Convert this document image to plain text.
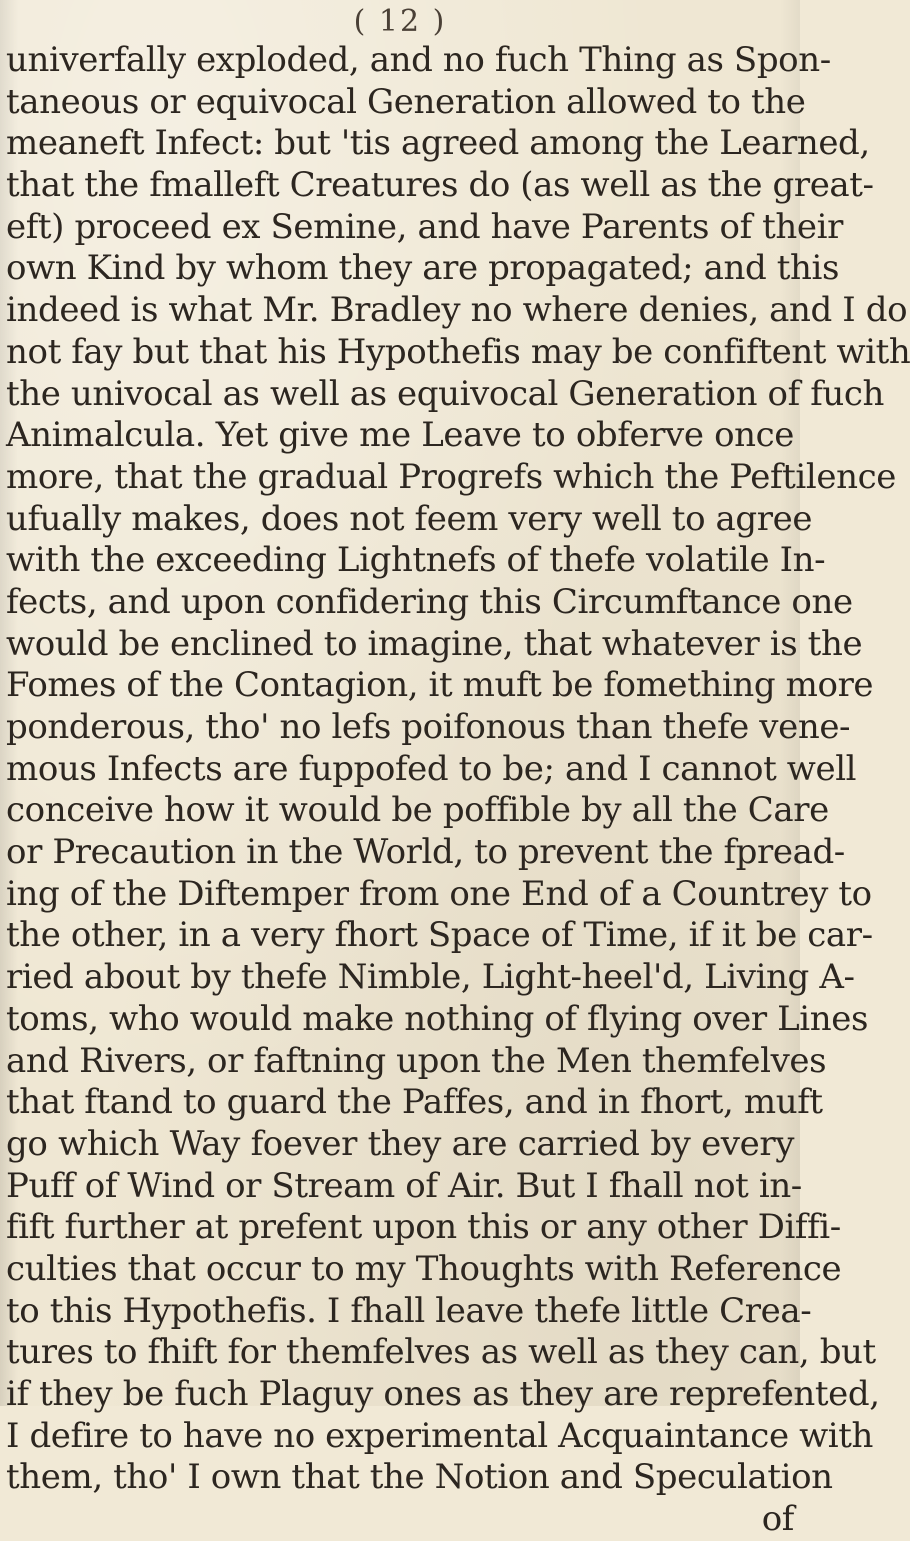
( 12 )
univerfally exploded, and no fuch Thing as Spon-
taneous or equivocal Generation allowed to the
meaneft Infect: but 'tis agreed among the Learned,
that the fmalleft Creatures do (as well as the great-
eft) proceed ex Semine, and have Parents of their
own Kind by whom they are propagated; and this
indeed is what Mr. Bradley no where denies, and I do
not fay but that his Hypothefis may be confiftent with
the univocal as well as equivocal Generation of fuch
Animalcula. Yet give me Leave to obferve once
more, that the gradual Progrefs which the Peftilence
ufually makes, does not feem very well to agree
with the exceeding Lightnefs of thefe volatile In-
fects, and upon confidering this Circumftance one
would be enclined to imagine, that whatever is the
Fomes of the Contagion, it muft be fomething more
ponderous, tho' no lefs poifonous than thefe vene-
mous Infects are fuppofed to be; and I cannot well
conceive how it would be poffible by all the Care
or Precaution in the World, to prevent the fpread-
ing of the Diftemper from one End of a Countrey to
the other, in a very fhort Space of Time, if it be car-
ried about by thefe Nimble, Light-heel'd, Living A-
toms, who would make nothing of flying over Lines
and Rivers, or faftning upon the Men themfelves
that ftand to guard the Paffes, and in fhort, muft
go which Way foever they are carried by every
Puff of Wind or Stream of Air. But I fhall not in-
fift further at prefent upon this or any other Diffi-
culties that occur to my Thoughts with Reference
to this Hypothefis. I fhall leave thefe little Crea-
tures to fhift for themfelves as well as they can, but
if they be fuch Plaguy ones as they are reprefented,
I defire to have no experimental Acquaintance with
them, tho' I own that the Notion and Speculation
of
